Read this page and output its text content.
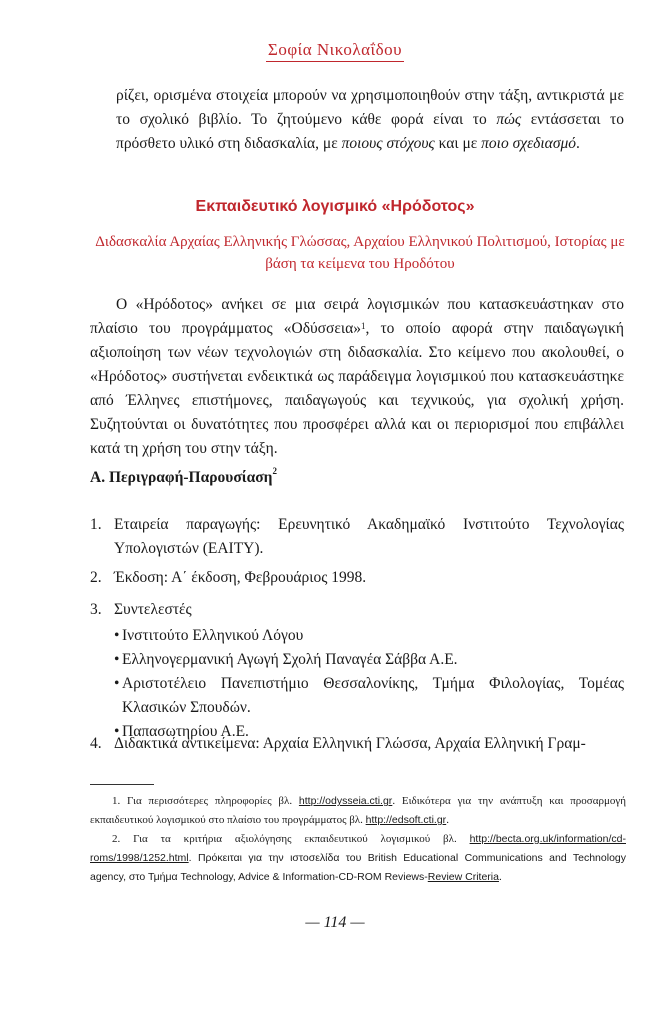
Σοφία Νικολαΐδου
ρίζει, ορισμένα στοιχεία μπορούν να χρησιμοποιηθούν στην τάξη, αντικριστά με το σχολικό βιβλίο. Το ζητούμενο κάθε φορά είναι το πώς εντάσσεται το πρόσθετο υλικό στη διδασκαλία, με ποιους στόχους και με ποιο σχεδιασμό.
Εκπαιδευτικό λογισμικό «Ηρόδοτος»
Διδασκαλία Αρχαίας Ελληνικής Γλώσσας, Αρχαίου Ελληνικού Πολιτισμού, Ιστορίας με βάση τα κείμενα του Ηροδότου
Ο «Ηρόδοτος» ανήκει σε μια σειρά λογισμικών που κατασκευάστηκαν στο πλαίσιο του προγράμματος «Οδύσσεια»$^1$, το οποίο αφορά στην παιδαγωγική αξιοποίηση των νέων τεχνολογιών στη διδασκαλία. Στο κείμενο που ακολουθεί, ο «Ηρόδοτος» συστήνεται ενδεικτικά ως παράδειγμα λογισμικού που κατασκευάστηκε από Έλληνες επιστήμονες, παιδαγωγούς και τεχνικούς, για σχολική χρήση. Συζητούνται οι δυνατότητες που προσφέρει αλλά και οι περιορισμοί που επιβάλλει κατά τη χρήση του στην τάξη.
Α. Περιγραφή-Παρουσίαση$^2$
1. Εταιρεία παραγωγής: Ερευνητικό Ακαδημαϊκό Ινστιτούτο Τεχνολογίας Υπολογιστών (ΕΑΙΤΥ).
2. Έκδοση: Α΄ έκδοση, Φεβρουάριος 1998.
3. Συντελεστές
• Ινστιτούτο Ελληνικού Λόγου
• Ελληνογερμανική Αγωγή Σχολή Παναγέα Σάββα Α.Ε.
• Αριστοτέλειο Πανεπιστήμιο Θεσσαλονίκης, Τμήμα Φιλολογίας, Τομέας Κλασικών Σπουδών.
• Παπασωτηρίου Α.Ε.
4. Διδακτικά αντικείμενα: Αρχαία Ελληνική Γλώσσα, Αρχαία Ελληνική Γραμ-
1. Για περισσότερες πληροφορίες βλ. http://odysseia.cti.gr. Ειδικότερα για την ανάπτυξη και προσαρμογή εκπαιδευτικού λογισμικού στο πλαίσιο του προγράμματος βλ. http://edsoft.cti.gr.
2. Για τα κριτήρια αξιολόγησης εκπαιδευτικού λογισμικού βλ. http://becta.org.uk/information/cd-roms/1998/1252.html. Πρόκειται για την ιστοσελίδα του British Educational Communications and Technology agency, στο Τμήμα Technology, Advice & Information-CD-ROM Reviews-Review Criteria.
— 114 —
